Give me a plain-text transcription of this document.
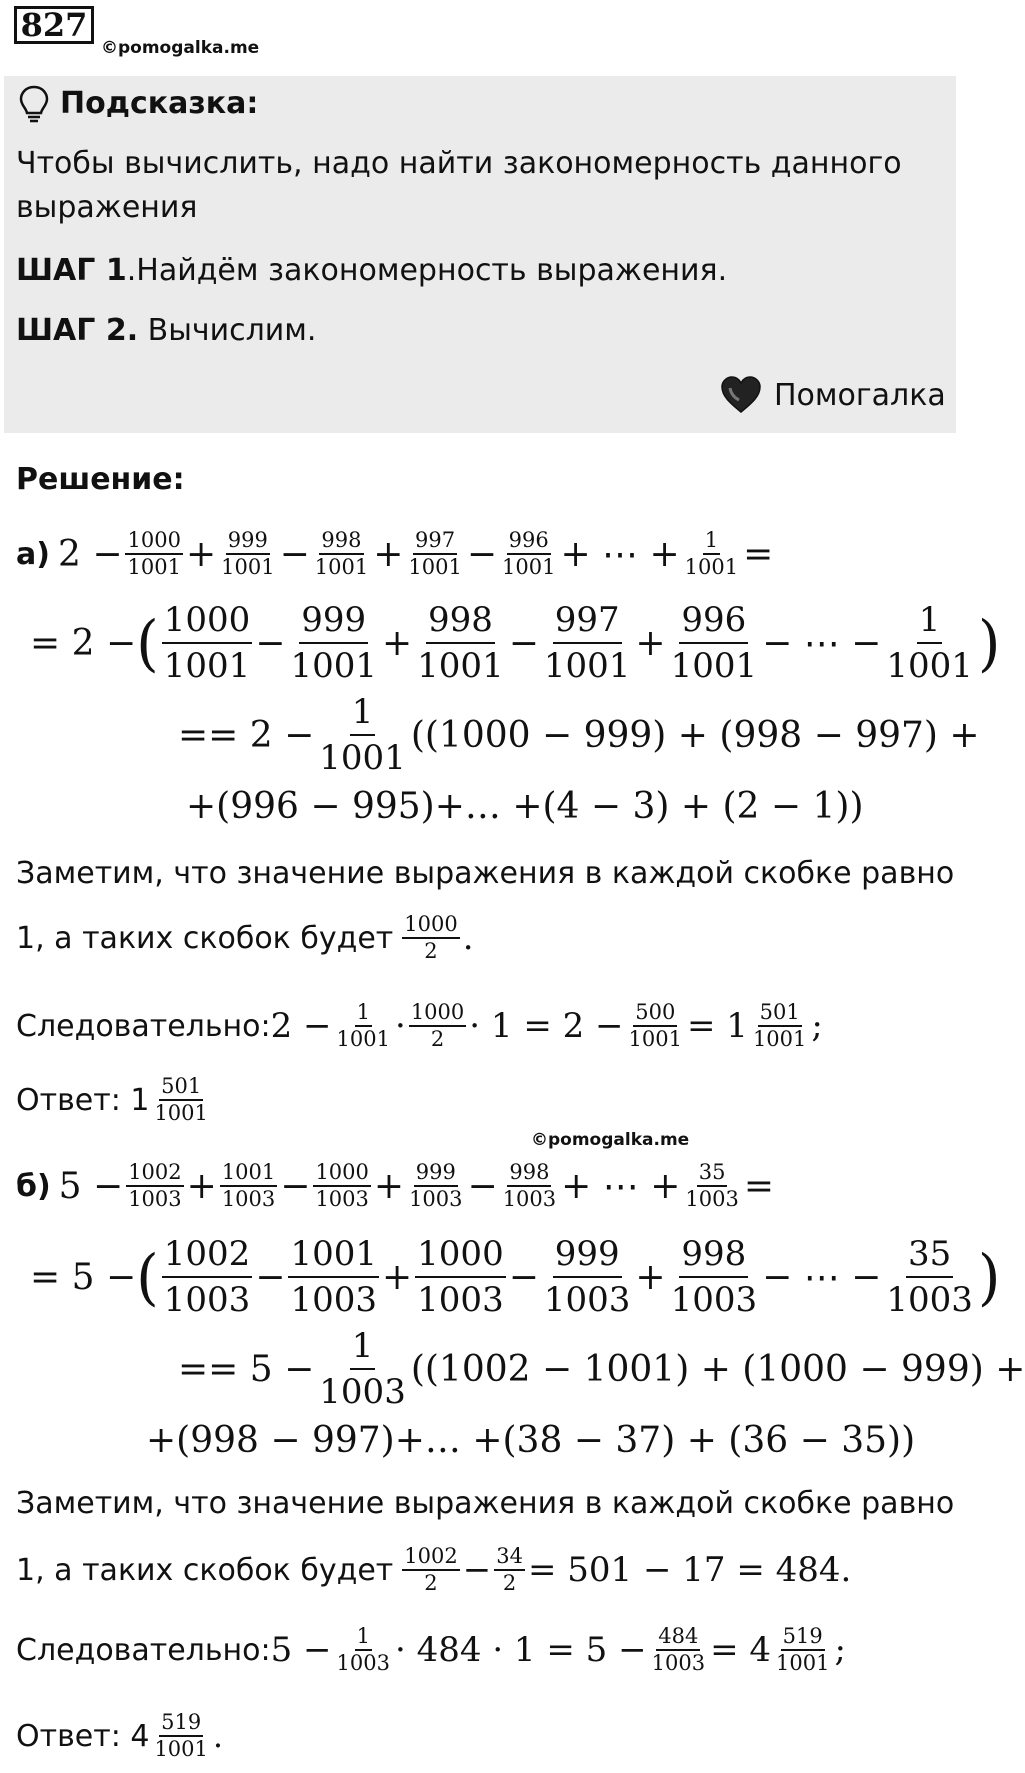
827
©pomogalka.me
Подсказка:
Чтобы вычислить, надо найти закономерность данного
выражения
ШАГ 1.Найдём закономерность выражения.
ШАГ 2. Вычислим.
Помогалка
Решение:
а) $2 - \frac{1000}{1001} + \frac{999}{1001} - \frac{998}{1001} + \frac{997}{1001} - \frac{996}{1001}$ + ⋯ + $\frac{1}{1001}$ =
= 2 − ( $\frac{1000}{1001} - \frac{999}{1001} + \frac{998}{1001} - \frac{997}{1001} + \frac{996}{1001}$ − ⋯ − $\frac{1}{1001}$ )
== $2 - \frac{1}{1001} ((1000 - 999) + (998 - 997)$ +
+(996 − 995)+… +(4 − 3) + (2 − 1))
Заметим, что значение выражения в каждой скобке равно
1, а таких скобок будет $\frac{1000}{2}$ .
Следовательно: $2 - \frac{1}{1001} \cdot \frac{1000}{2} \cdot 1 = 2 - \frac{500}{1001} = 1 \frac{501}{1001}$ ;
Ответ: $1 \frac{501}{1001}$
©pomogalka.me
б) $5 - \frac{1002}{1003} + \frac{1001}{1003} - \frac{1000}{1003} + \frac{999}{1003} - \frac{998}{1003}$ + ⋯ + $\frac{35}{1003}$ =
= 5 − ( $\frac{1002}{1003} - \frac{1001}{1003} + \frac{1000}{1003} - \frac{999}{1003} + \frac{998}{1003}$ − ⋯ − $\frac{35}{1003}$ )
== $5 - \frac{1}{1003} ((1002 - 1001) + (1000 - 999)$ +
+(998 − 997)+… +(38 − 37) + (36 − 35))
Заметим, что значение выражения в каждой скобке равно
1, а таких скобок будет $\frac{1002}{2} - \frac{34}{2} = 501 - 17 = 484$.
Следовательно: $5 - \frac{1}{1003} \cdot 484 \cdot 1 = 5 - \frac{484}{1003} = 4 \frac{519}{1001}$ ;
Ответ: $4 \frac{519}{1001}$ .
